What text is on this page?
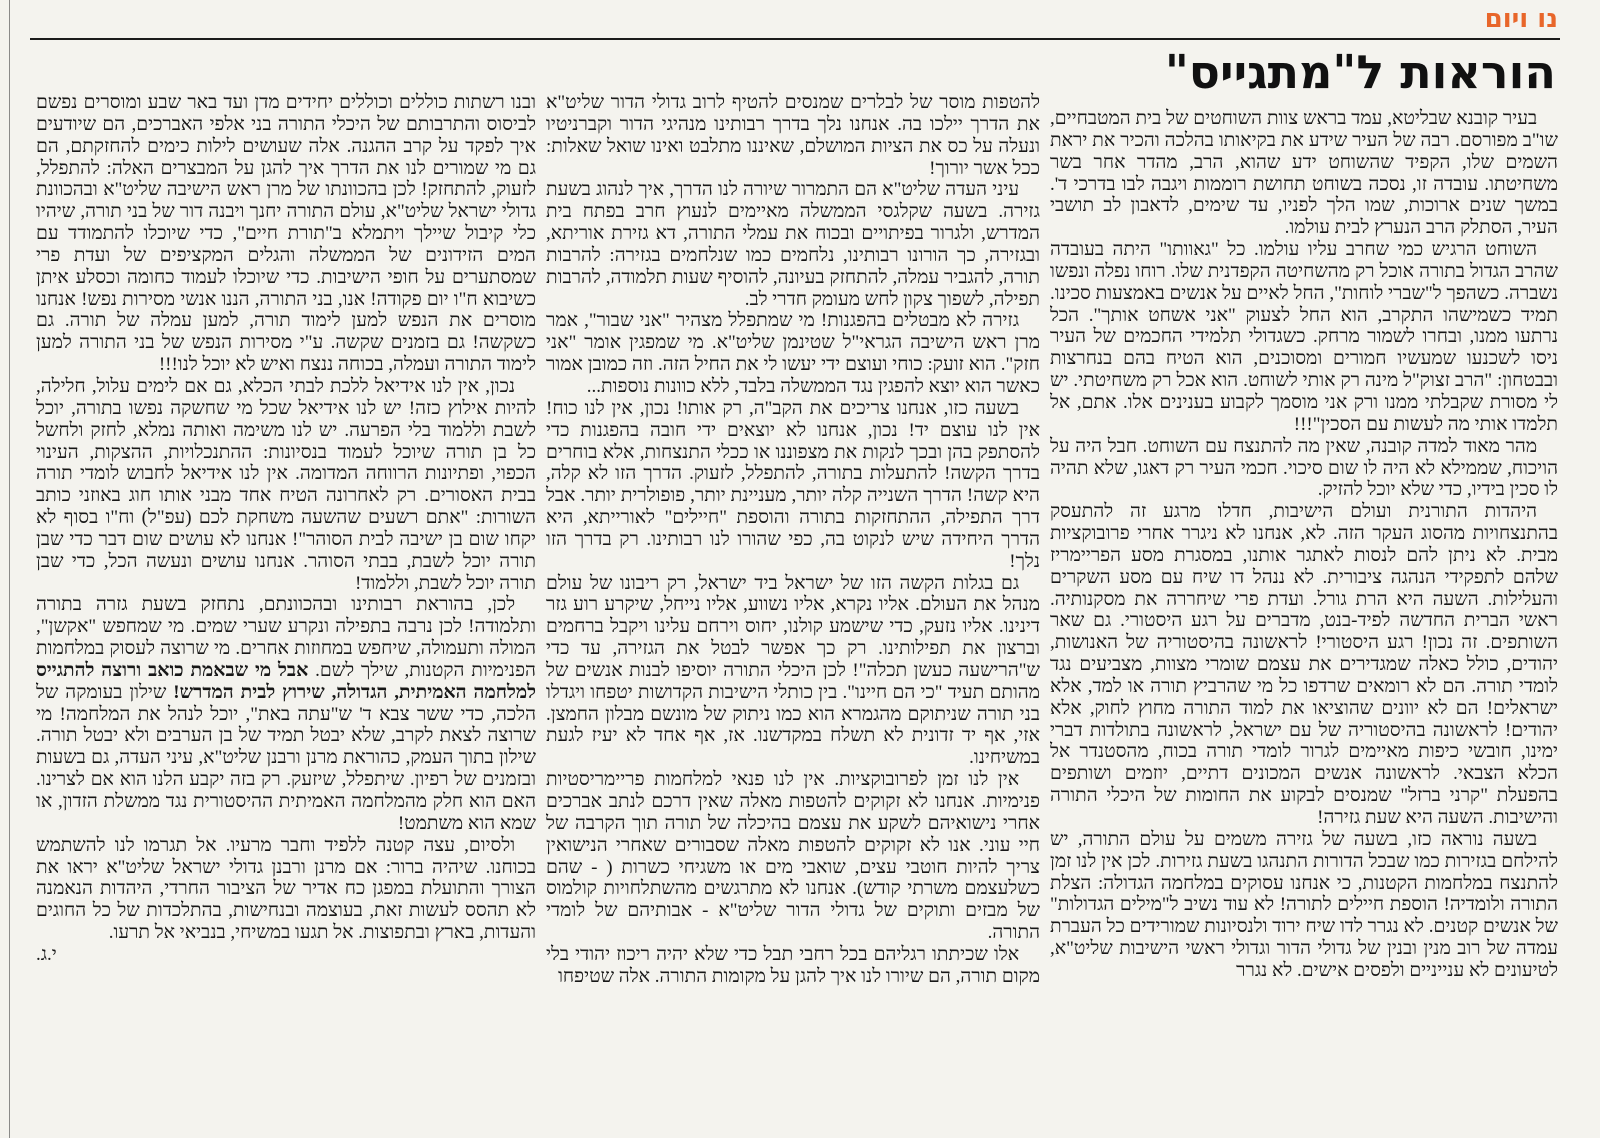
נו ויום
הוראות ל"מתגייס"

בעיר קובנא שבליטא, עמד בראש צוות השוחטים של בית המטבחיים, שו"ב מפורסם. רבה של העיר שידע את בקיאותו בהלכה והכיר את יראת השמים שלו, הקפיד שהשוחט ידע שהוא, הרב, מהדר אחר בשר משחיטתו. עובדה זו, נסכה בשוחט תחושת רוממות ויגבה לבו בדרכי ד'. במשך שנים ארוכות, שמו הלך לפניו, עד שימים, לדאבון לב תושבי העיר, הסתלק הרב הנערץ לבית עולמו.

השוחט הרגיש כמי שחרב עליו עולמו. כל "גאוותו" היתה בעובדה שהרב הגדול בתורה אוכל רק מהשחיטה הקפדנית שלו. רוחו נפלה ונפשו נשברה. כשהפך ל"שברי לוחות", החל לאיים על אנשים באמצעות סכינו. תמיד כשמישהו התקרב, הוא החל לצעוק "אני אשחט אותך". הכל נרתעו ממנו, ובחרו לשמור מרחק. כשגדולי תלמידי החכמים של העיר ניסו לשכנעו שמעשיו חמורים ומסוכנים, הוא הטיח בהם בנחרצות ובבטחון: "הרב זצוק"ל מינה רק אותי לשוחט. הוא אכל רק משחיטתי. יש לי מסורת שקבלתי ממנו ורק אני מוסמך לקבוע בענינים אלו. אתם, אל תלמדו אותי מה לעשות עם הסכין"!!!

מהר מאוד למדה קובנה, שאין מה להתנצח עם השוחט. חבל היה על הויכוח, שממילא לא היה לו שום סיכוי. חכמי העיר רק דאגו, שלא תהיה לו סכין בידיו, כדי שלא יוכל להזיק.

היהדות התורנית ועולם הישיבות, חדלו מרגע זה להתעסק בהתנצחויות מהסוג העקר הזה. לא, אנחנו לא ניגרר אחרי פרובוקציות מבית. לא ניתן להם לנסות לאתגר אותנו, במסגרת מסע הפריימריז שלהם לתפקידי הנהגה ציבורית. לא ננהל דו שיח עם מסע השקרים והעלילות. השעה היא הרת גורל. ועדת פרי שיחררה את מסקנותיה. ראשי הברית החדשה לפיד-בנט, מדברים על רגע היסטורי. גם שאר השותפים. זה נכון! רגע היסטורי! לראשונה בהיסטוריה של האנושות, יהודים, כולל כאלה שמגדירים את עצמם שומרי מצוות, מצביעים נגד לומדי תורה. הם לא רומאים שרדפו כל מי שהרביץ תורה או למד, אלא ישראלים! הם לא יוונים שהוציאו את למוד התורה מחוץ לחוק, אלא יהודים! לראשונה בהיסטוריה של עם ישראל, לראשונה בתולדות דברי ימינו, חובשי כיפות מאיימים לגרור לומדי תורה בכוח, מהסטנדר אל הכלא הצבאי. לראשונה אנשים המכונים דתיים, יוזמים ושותפים בהפעלת "קרני ברזל" שמנסים לבקוע את החומות של היכלי התורה והישיבות. השעה היא שעת גזירה!

בשעה נוראה כזו, בשעה של גזירה משמים על עולם התורה, יש להילחם בגזירות כמו שבכל הדורות התנהגו בשעת גזירות. לכן אין לנו זמן להתנצח במלחמות הקטנות, כי אנחנו עסוקים במלחמה הגדולה: הצלת התורה ולומדיה! הוספת חיילים לתורה! לא עוד נשיב ל"מילים הגדולות" של אנשים קטנים. לא נגרר לדו שיח ירוד ולנסיונות שמורידים כל העברת עמדה של רוב מנין ובנין של גדולי הדור וגדולי ראשי הישיבות שליט"א, לטיעונים לא ענייניים ולפסים אישים. לא נגרר

להטפות מוסר של לבלרים שמנסים להטיף לרוב גדולי הדור שליט"א את הדרך יילכו בה. אנחנו נלך בדרך רבותינו מנהיגי הדור וקברניטיו ונעלה על כס את הציות המושלם, שאיננו מתלבט ואינו שואל שאלות: ככל אשר יורוך!

עיני העדה שליט"א הם התמרור שיורה לנו הדרך, איך לנהוג בשעת גזירה. בשעה שקלגסי הממשלה מאיימים לנעוץ חרב בפתח בית המדרש, ולגרור בפיתויים ובכוח את עמלי התורה, דא גזירת אוריתא, ובגזירה, כך הורונו רבותינו, נלחמים כמו שנלחמים בגזירה: להרבות תורה, להגביר עמלה, להתחזק בעיונה, להוסיף שעות תלמודה, להרבות תפילה, לשפוך צקון לחש מעומק חדרי לב.

גזירה לא מבטלים בהפגנות! מי שמתפלל מצהיר "אני שבור", אמר מרן ראש הישיבה הגראי"ל שטינמן שליט"א. מי שמפגין אומר "אני חזק". הוא זועק: כוחי ועוצם ידי יעשו לי את החיל הזה. וזה כמובן אמור כאשר הוא יוצא להפגין נגד הממשלה בלבד, ללא כוונות נוספות...

בשעה כזו, אנחנו צריכים את הקב"ה, רק אותו! נכון, אין לנו כוח! אין לנו עוצם יד! נכון, אנחנו לא יוצאים ידי חובה בהפגנות כדי להסתפק בהן ובכך לנקות את מצפוננו או ככלי התנצחות, אלא בוחרים בדרך הקשה! להתעלות בתורה, להתפלל, לזעוק. הדרך הזו לא קלה, היא קשה! הדרך השנייה קלה יותר, מעניינת יותר, פופולרית יותר. אבל דרך התפילה, ההתחזקות בתורה והוספת "חיילים" לאורייתא, היא הדרך היחידה שיש לנקוט בה, כפי שהורו לנו רבותינו. רק בדרך הזו נלך!

גם בגלות הקשה הזו של ישראל ביד ישראל, רק ריבונו של עולם מנהל את העולם. אליו נקרא, אליו נשווע, אליו נייחל, שיקרע רוע גזר דינינו. אליו נזעק, כדי שישמע קולנו, יחוס וירחם עלינו ויקבל ברחמים וברצון את תפילותינו. רק כך אפשר לבטל את הגזירה, עד כדי ש"הרישעה כעשן תכלה"! לכן היכלי התורה יוסיפו לבנות אנשים של מהותם תעיד "כי הם חיינו". בין כותלי הישיבות הקדושות יטפחו ויגדלו בני תורה שניתוקם מהגמרא הוא כמו ניתוק של מונשם מבלון החמצן. אזי, אף יד זדונית לא תשלח במקדשנו. אז, אף אחד לא יעיז לגעת במשיחינו.

אין לנו זמן לפרובוקציות. אין לנו פנאי למלחמות פריימריסטיות פנימיות. אנחנו לא זקוקים להטפות מאלה שאין דרכם לנתב אברכים אחרי נישואיהם לשקע את עצמם בהיכלה של תורה תוך הקרבה של חיי עוני. אנו לא זקוקים להטפות מאלה שסבורים שאחרי הנישואין צריך להיות חוטבי עצים, שואבי מים או משגיחי כשרות ( - שהם כשלעצמם משרתי קודש). אנחנו לא מתרגשים מהשתלחויות קולמוס של מבזים ותוקים של גדולי הדור שליט"א - אבותיהם של לומדי התורה.

אלו שכיתתו רגליהם בכל רחבי תבל כדי שלא יהיה ריכוז יהודי בלי מקום תורה, הם שיורו לנו איך להגן על מקומות התורה. אלה שטיפחו

ובנו רשתות כוללים וכוללים יחידים מדן ועד באר שבע ומוסרים נפשם לביסוס והתרבותם של היכלי התורה בני אלפי האברכים, הם שיודעים איך לפקד על קרב ההגנה. אלה שעושים לילות כימים להחזקתם, הם גם מי שמורים לנו את הדרך איך להגן על המבצרים האלה: להתפלל, לזעוק, להתחזק! לכן בהכוונתו של מרן ראש הישיבה שליט"א ובהכוונת גדולי ישראל שליט"א, עולם התורה יחנך ויבנה דור של בני תורה, שיהיו כלי קיבול שיילך ויתמלא ב"תורת חיים", כדי שיוכלו להתמודד עם המים הזידונים של הממשלה והגלים המקציפים של ועדת פרי שמסתערים על חופי הישיבות. כדי שיוכלו לעמוד כחומה וכסלע איתן כשיבוא ח"ו יום פקודה! אנו, בני התורה, הננו אנשי מסירות נפש! אנחנו מוסרים את הנפש למען לימוד תורה, למען עמלה של תורה. גם כשקשה! גם בזמנים שקשה. ע"י מסירות הנפש של בני התורה למען לימוד התורה ועמלה, בכוחה ננצח ואיש לא יוכל לנו!!!

נכון, אין לנו אידיאל ללכת לבתי הכלא, גם אם לימים עלול, חלילה, להיות אילוץ כזה! יש לנו אידיאל שכל מי שחשקה נפשו בתורה, יוכל לשבת וללמוד בלי הפרעה. יש לנו משימה ואותה נמלא, לחזק ולחשל כל בן תורה שיוכל לעמוד בנסיונות: ההתנכלויות, ההצקות, העינוי הכפוי, ופתיונות הרווחה המדומה. אין לנו אידיאל לחבוש לומדי תורה בבית האסורים. רק לאחרונה הטיח אחד מבני אותו חוג באוזני כותב השורות: "אתם רשעים שהשעה משחקת לכם (עפ"ל) וח"ו בסוף לא יקחו שום בן ישיבה לבית הסוהר"! אנחנו לא עושים שום דבר כדי שבן תורה יוכל לשבת, בבתי הסוהר. אנחנו עושים ונעשה הכל, כדי שבן תורה יוכל לשבת, וללמוד!

לכן, בהוראת רבותינו ובהכוונתם, נתחזק בשעת גזרה בתורה ותלמודה! לכן נרבה בתפילה ונקרע שערי שמים. מי שמחפש "אקשן", המולה ותעמולה, שיחפש במחוזות אחרים. מי שרוצה לעסוק במלחמות הפנימיות הקטנות, שילך לשם. אבל מי שבאמת כואב ורוצה להתגייס למלחמה האמיתית, הגדולה, שירוץ לבית המדרש! שילון בעומקה של הלכה, כדי ששר צבא ד' ש"עתה באת", יוכל לנהל את המלחמה! מי שרוצה לצאת לקרב, שלא יבטל תמיד של בן הערבים ולא יבטל תורה. שילון בתוך העמק, כהוראת מרנן ורבנן שליט"א, עיני העדה, גם בשעות ובזמנים של רפיון. שיתפלל, שיזעק. רק בזה יקבע הלנו הוא אם לצרינו. האם הוא חלק מהמלחמה האמיתית ההיסטורית נגד ממשלת הזדון, או שמא הוא משתמט!

ולסיום, עצה קטנה ללפיד וחבר מרעיו. אל תגרמו לנו להשתמש בכוחנו. שיהיה ברור: אם מרנן ורבנן גדולי ישראל שליט"א יראו את הצורך והתועלת במפגן כח אדיר של הציבור החרדי, היהדות הנאמנה לא תהסס לעשות זאת, בעוצמה ובנחישות, בהתלכדות של כל החוגים והעדות, בארץ ובתפוצות. אל תגעו במשיחי, בנביאי אל תרעו.

י.ג.
